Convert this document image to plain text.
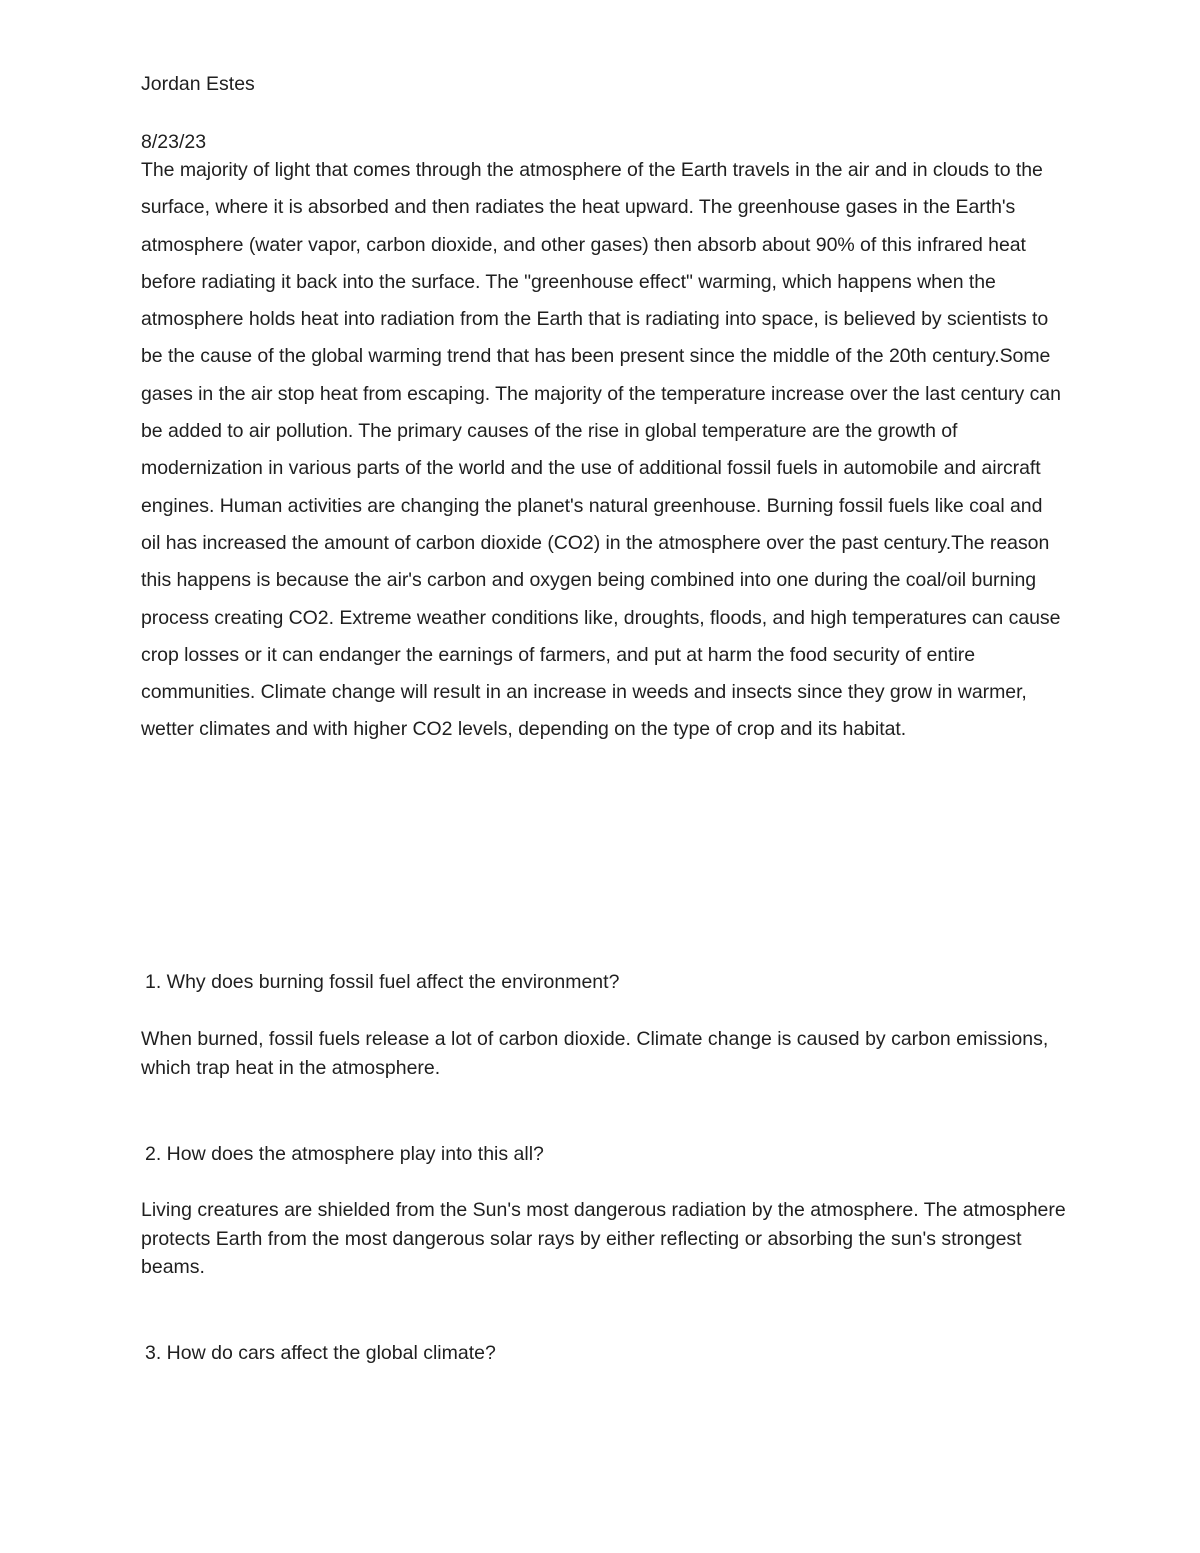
Jordan Estes

8/23/23

The majority of light that comes through the atmosphere of the Earth travels in the air and in clouds to the surface, where it is absorbed and then radiates the heat upward. The greenhouse gases in the Earth's atmosphere (water vapor, carbon dioxide, and other gases) then absorb about 90% of this infrared heat before radiating it back into the surface. The "greenhouse effect" warming, which happens when the atmosphere holds heat into radiation from the Earth that is radiating into space, is believed by scientists to be the cause of the global warming trend that has been present since the middle of the 20th century.Some gases in the air stop heat from escaping. The majority of the temperature increase over the last century can be added to air pollution. The primary causes of the rise in global temperature are the growth of modernization in various parts of the world and the use of additional fossil fuels in automobile and aircraft engines. Human activities are changing the planet's natural greenhouse. Burning fossil fuels like coal and oil has increased the amount of carbon dioxide (CO2) in the atmosphere over the past century.The reason this happens is because the air's carbon and oxygen being combined into one during the coal/oil burning process creating CO2. Extreme weather conditions like, droughts, floods, and high temperatures can cause crop losses or it can endanger the earnings of farmers, and put at harm the food security of entire communities. Climate change will result in an increase in weeds and insects since they grow in warmer, wetter climates and with higher CO2 levels, depending on the type of crop and its habitat.

1. Why does burning fossil fuel affect the environment?

When burned, fossil fuels release a lot of carbon dioxide. Climate change is caused by carbon emissions, which trap heat in the atmosphere.

2. How does the atmosphere play into this all?

Living creatures are shielded from the Sun's most dangerous radiation by the atmosphere. The atmosphere protects Earth from the most dangerous solar rays by either reflecting or absorbing the sun's strongest beams.

3. How do cars affect the global climate?
